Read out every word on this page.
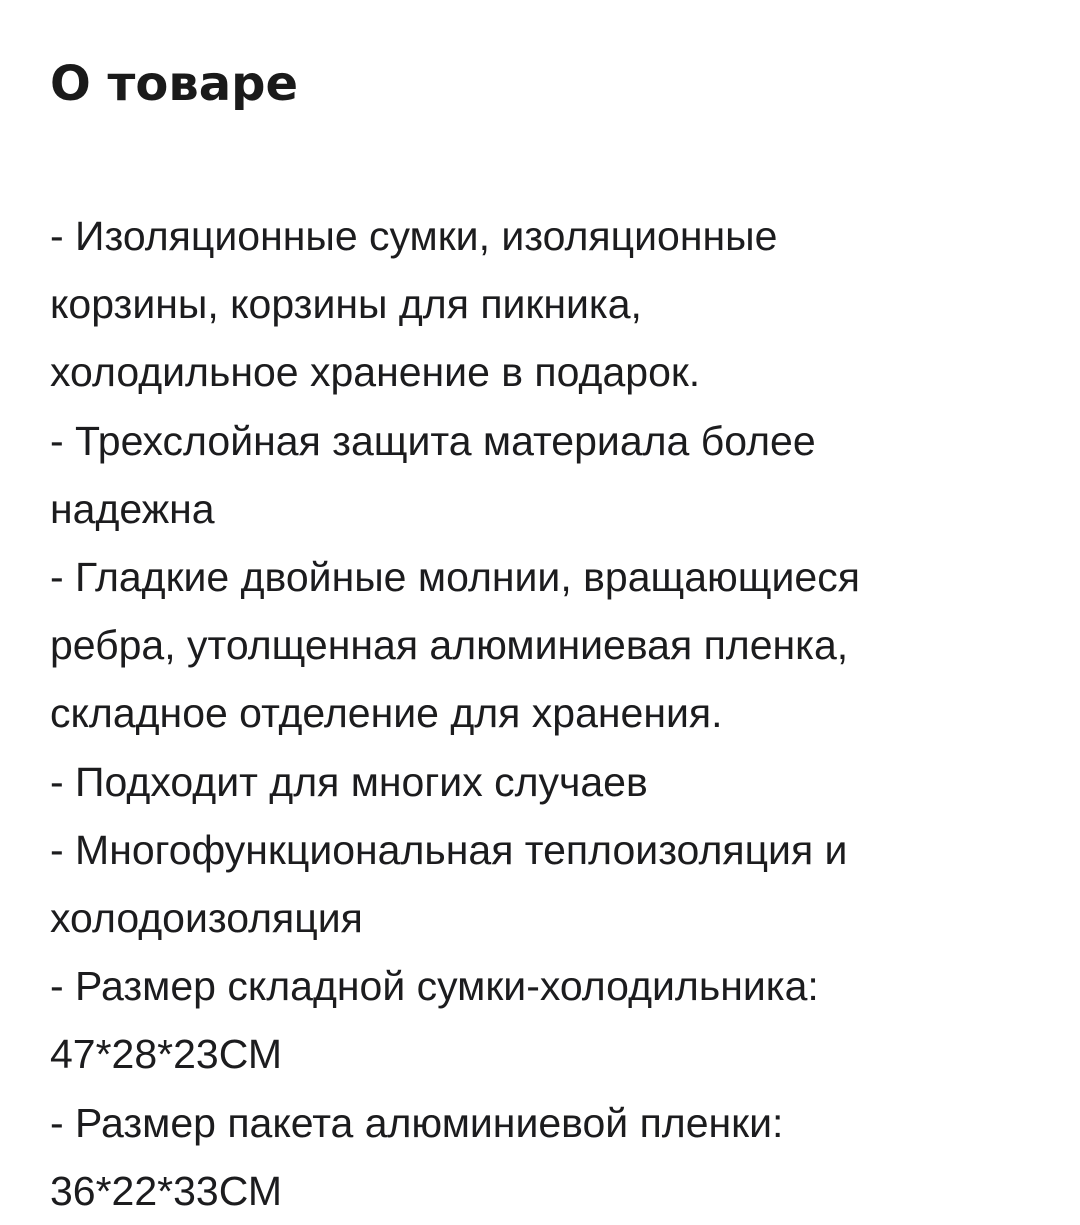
О товаре

- Изоляционные сумки, изоляционные
корзины, корзины для пикника,
холодильное хранение в подарок.
- Трехслойная защита материала более
надежна
- Гладкие двойные молнии, вращающиеся
ребра, утолщенная алюминиевая пленка,
складное отделение для хранения.
- Подходит для многих случаев
- Многофункциональная теплоизоляция и
холодоизоляция
- Размер складной сумки-холодильника:
47*28*23СМ
- Размер пакета алюминиевой пленки:
36*22*33СМ
